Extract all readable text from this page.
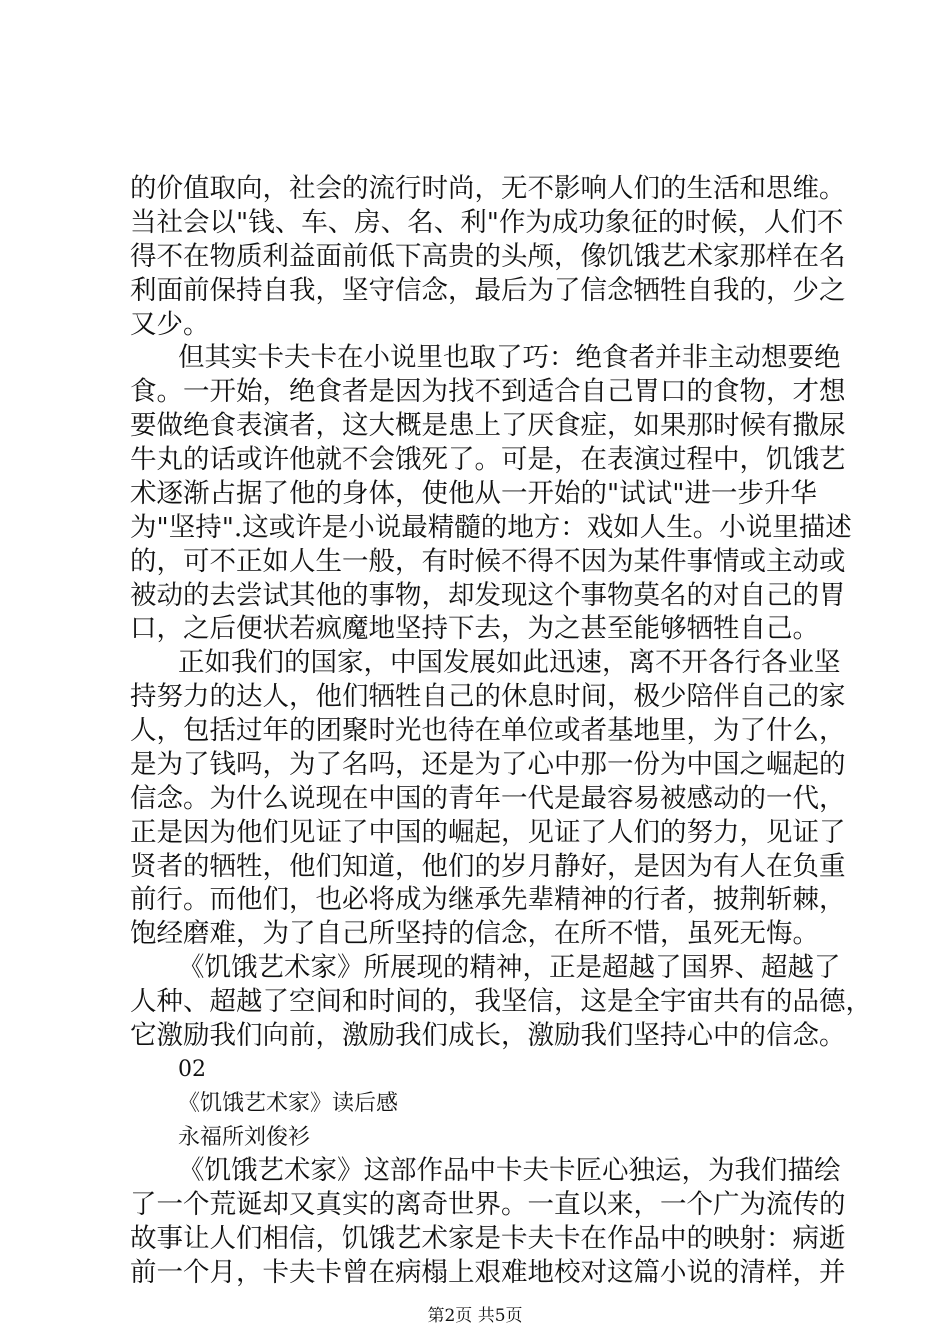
的价值取向，社会的流行时尚，无不影响人们的生活和思维。
当社会以"钱、车、房、名、利"作为成功象征的时候，人们不
得不在物质利益面前低下高贵的头颅，像饥饿艺术家那样在名
利面前保持自我，坚守信念，最后为了信念牺牲自我的，少之
又少。
但其实卡夫卡在小说里也取了巧：绝食者并非主动想要绝
食。一开始，绝食者是因为找不到适合自己胃口的食物，才想
要做绝食表演者，这大概是患上了厌食症，如果那时候有撒尿
牛丸的话或许他就不会饿死了。可是，在表演过程中，饥饿艺
术逐渐占据了他的身体，使他从一开始的"试试"进一步升华
为"坚持".这或许是小说最精髓的地方：戏如人生。小说里描述
的，可不正如人生一般，有时候不得不因为某件事情或主动或
被动的去尝试其他的事物，却发现这个事物莫名的对自己的胃
口，之后便状若疯魔地坚持下去，为之甚至能够牺牲自己。
正如我们的国家，中国发展如此迅速，离不开各行各业坚
持努力的达人，他们牺牲自己的休息时间，极少陪伴自己的家
人，包括过年的团聚时光也待在单位或者基地里，为了什么，
是为了钱吗，为了名吗，还是为了心中那一份为中国之崛起的
信念。为什么说现在中国的青年一代是最容易被感动的一代，
正是因为他们见证了中国的崛起，见证了人们的努力，见证了
贤者的牺牲，他们知道，他们的岁月静好，是因为有人在负重
前行。而他们，也必将成为继承先辈精神的行者，披荆斩棘，
饱经磨难，为了自己所坚持的信念，在所不惜，虽死无悔。
《饥饿艺术家》所展现的精神，正是超越了国界、超越了
人种、超越了空间和时间的，我坚信，这是全宇宙共有的品德，
它激励我们向前，激励我们成长，激励我们坚持心中的信念。
02
《饥饿艺术家》读后感
永福所刘俊衫
《饥饿艺术家》这部作品中卡夫卡匠心独运，为我们描绘
了一个荒诞却又真实的离奇世界。一直以来，一个广为流传的
故事让人们相信，饥饿艺术家是卡夫卡在作品中的映射：病逝
前一个月，卡夫卡曾在病榻上艰难地校对这篇小说的清样，并
第2页 共5页
